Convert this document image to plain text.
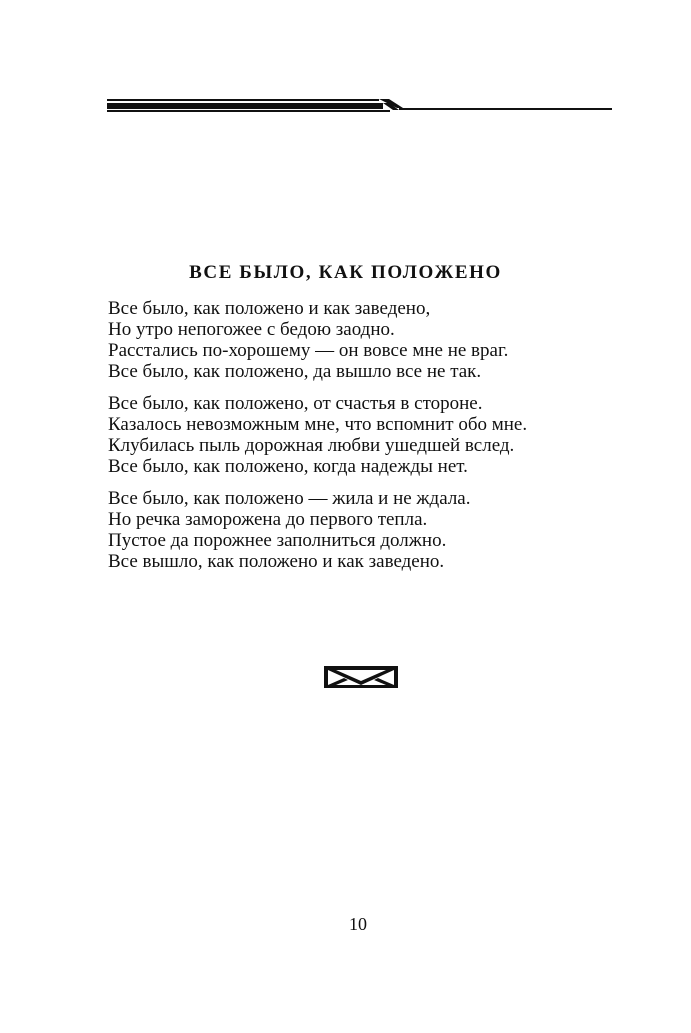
ВСЕ БЫЛО, КАК ПОЛОЖЕНО
Все было, как положено и как заведено,
Но утро непогожее с бедою заодно.
Расстались по-хорошему — он вовсе мне не враг.
Все было, как положено, да вышло все не так.
Все было, как положено, от счастья в стороне.
Казалось невозможным мне, что вспомнит обо мне.
Клубилась пыль дорожная любви ушедшей вслед.
Все было, как положено, когда надежды нет.
Все было, как положено — жила и не ждала.
Но речка заморожена до первого тепла.
Пустое да порожнее заполниться должно.
Все вышло, как положено и как заведено.
10
